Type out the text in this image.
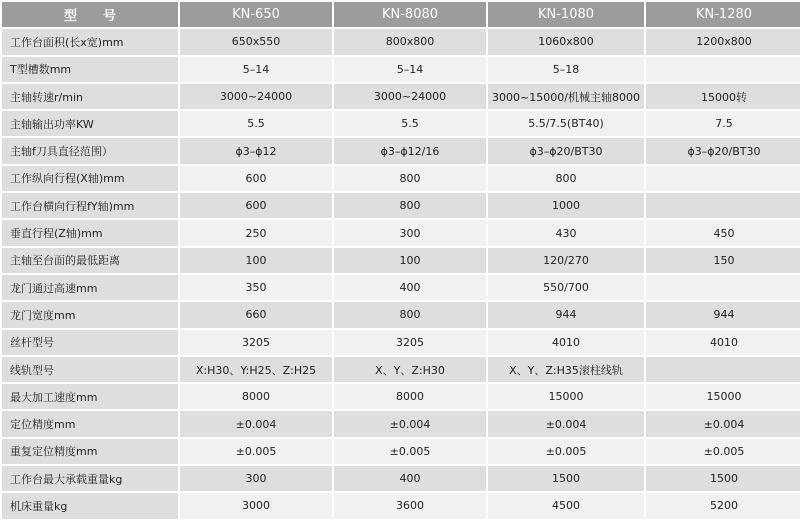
型号	KN-650	KN-8080	KN-1080	KN-1280
工作台面积(长x宽)mm	650x550	800x800	1060x800	1200x800
T型槽数mm	5–14	5–14	5–18	
主轴转速r/min	3000~24000	3000~24000	3000~15000/机械主轴8000	15000转
主轴输出功率KW	5.5	5.5	5.5/7.5(BT40)	7.5
主轴f刀具直径范围）	ϕ3–ϕ12	ϕ3–ϕ12/16	ϕ3–ϕ20/BT30	ϕ3–ϕ20/BT30
工作纵向行程(X轴)mm	600	800	800	
工作台横向行程fY轴)mm	600	800	1000	
垂直行程(Z轴)mm	250	300	430	450
主轴至台面的最低距离	100	100	120/270	150
龙门通过高速mm	350	400	550/700	
龙门宽度mm	660	800	944	944
丝杆型号	3205	3205	4010	4010
线轨型号	X:H30、Y:H25、Z:H25	X、Y、Z:H30	X、Y、Z:H35滚柱线轨	
最大加工速度mm	8000	8000	15000	15000
定位精度mm	±0.004	±0.004	±0.004	±0.004
重复定位精度mm	±0.005	±0.005	±0.005	±0.005
工作台最大承载重量kg	300	400	1500	1500
机床重量kg	3000	3600	4500	5200
